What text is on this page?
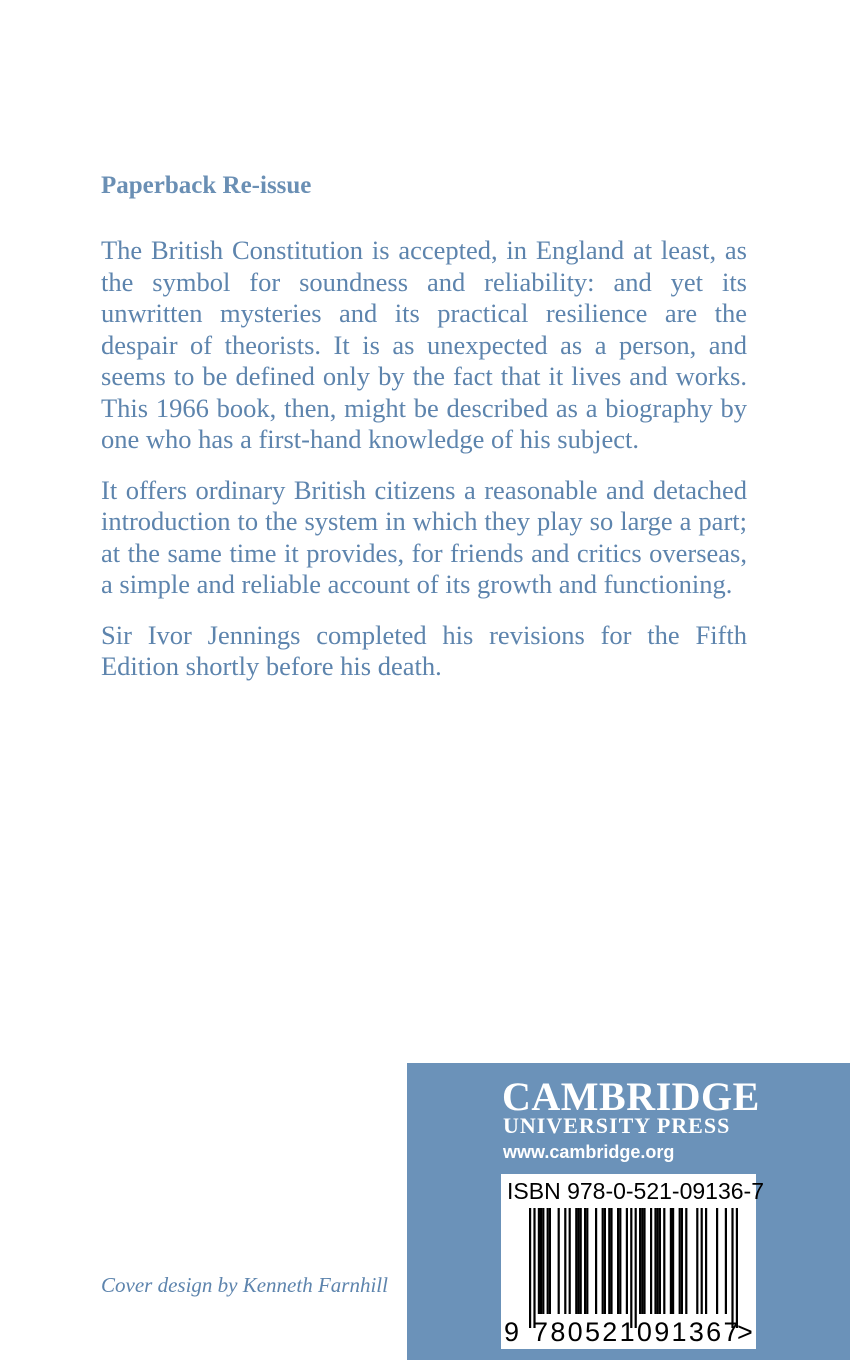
Paperback Re-issue

The British Constitution is accepted, in England at least, as the symbol for soundness and reliability: and yet its unwritten mysteries and its practical resilience are the despair of theorists. It is as unexpected as a person, and seems to be defined only by the fact that it lives and works. This 1966 book, then, might be described as a biography by one who has a first-hand knowledge of his subject.

It offers ordinary British citizens a reasonable and detached introduction to the system in which they play so large a part; at the same time it provides, for friends and critics overseas, a simple and reliable account of its growth and functioning.

Sir Ivor Jennings completed his revisions for the Fifth Edition shortly before his death.

Cover design by Kenneth Farnhill
CAMBRIDGE
UNIVERSITY PRESS
www.cambridge.org
ISBN 978-0-521-09136-7
9 780521091367
>
